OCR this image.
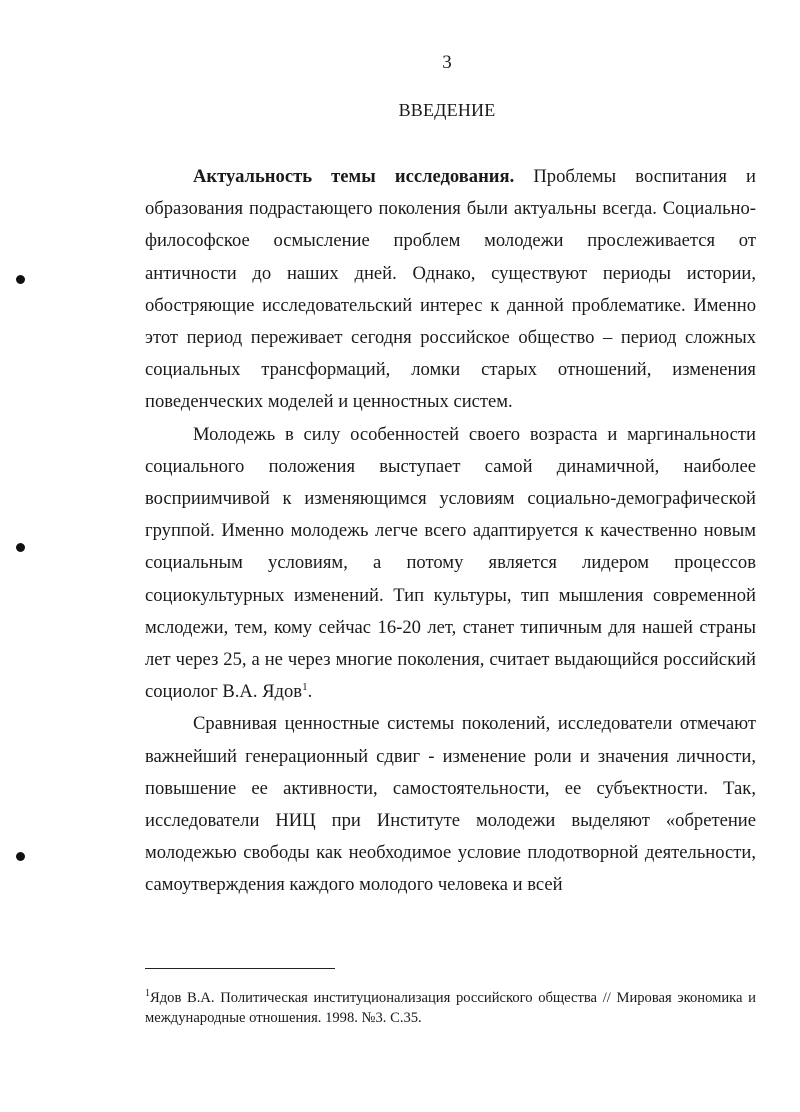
3
ВВЕДЕНИЕ

Актуальность темы исследования. Проблемы воспитания и образования подрастающего поколения были актуальны всегда. Социально-философское осмысление проблем молодежи прослеживается от античности до наших дней. Однако, существуют периоды истории, обостряющие исследовательский интерес к данной проблематике. Именно этот период переживает сегодня российское общество – период сложных социальных трансформаций, ломки старых отношений, изменения поведенческих моделей и ценностных систем.

Молодежь в силу особенностей своего возраста и маргинальности социального положения выступает самой динамичной, наиболее восприимчивой к изменяющимся условиям социально-демографической группой. Именно молодежь легче всего адаптируется к качественно новым социальным условиям, а потому является лидером процессов социокультурных изменений. Тип культуры, тип мышления современной мслодежи, тем, кому сейчас 16-20 лет, станет типичным для нашей страны лет через 25, а не через многие поколения, считает выдающийся российский социолог В.А. Ядов$^1$.

Сравнивая ценностные системы поколений, исследователи отмечают важнейший генерационный сдвиг - изменение роли и значения личности, повышение ее активности, самостоятельности, ее субъектности. Так, исследователи НИЦ при Институте молодежи выделяют «обретение молодежью свободы как необходимое условие плодотворной деятельности, самоутверждения каждого молодого человека и всей

$^1$Ядов В.А. Политическая институционализация российского общества // Мировая экономика и международные отношения. 1998. №3. С.35.
